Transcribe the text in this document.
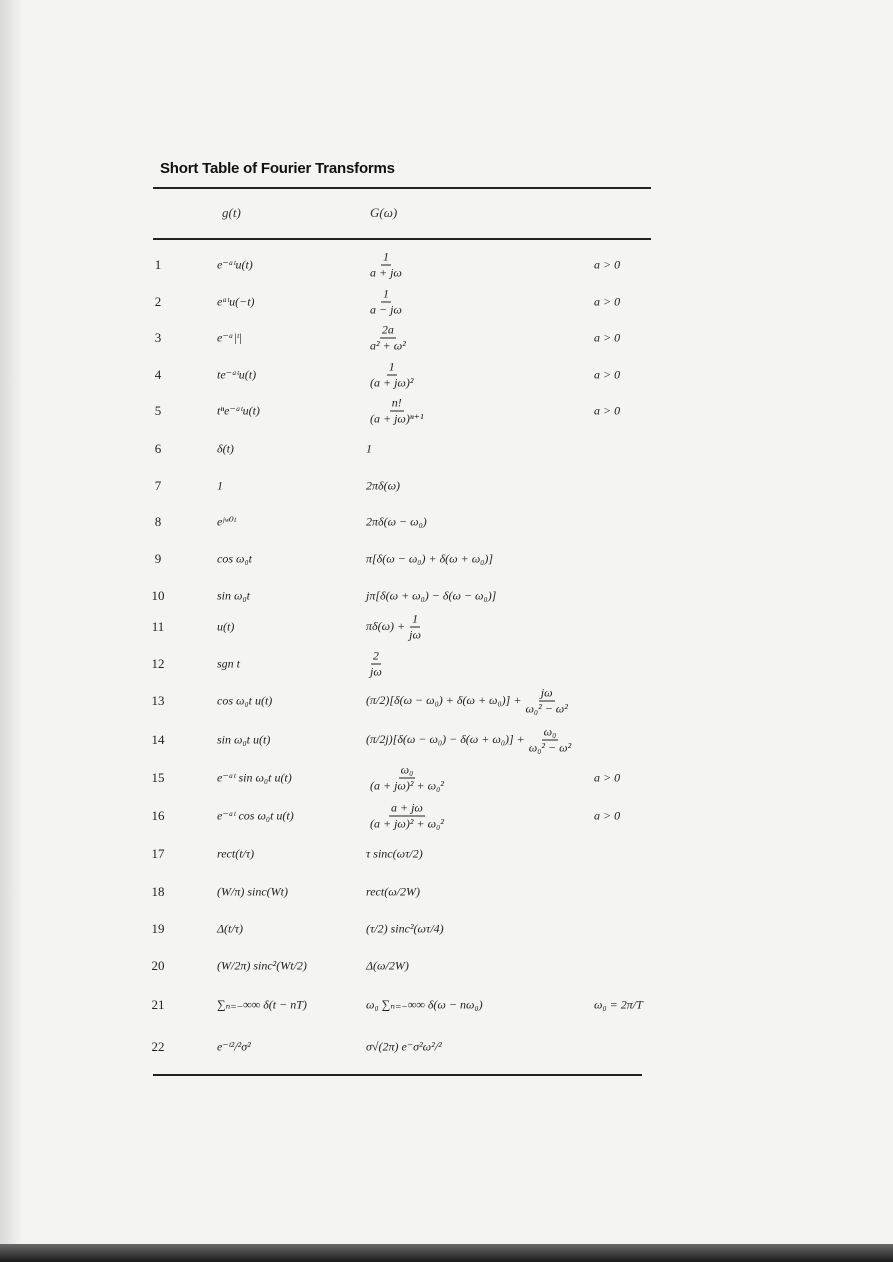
Short Table of Fourier Transforms
g(t)	G(ω)
1	e⁻ᵃᵗu(t)	$\frac{1}{a + j\omega}$	a > 0
2	eᵃᵗu(−t)	$\frac{1}{a - j\omega}$	a > 0
3	e⁻ᵃ|ᵗ|	$\frac{2a}{\text{a² + ω²}}$	a > 0
4	te⁻ᵃᵗu(t)	$\frac{1}{\text{(a + jω)²}}$	a > 0
5	tⁿe⁻ᵃᵗu(t)	$\frac{n!}{\text{(a + jω)ⁿ⁺¹}}$	a > 0
6	δ(t)	1
7	1	2πδ(ω)
8	eʲʷ⁰ᵗ	2πδ(ω − ω₀)
9	cos ω₀t	π[δ(ω − ω₀) + δ(ω + ω₀)]
10	sin ω₀t	jπ[δ(ω + ω₀) − δ(ω − ω₀)]
11	u(t)	$\pi\delta(\omega) + \frac{1}{j\omega}$
12	sgn t	$\frac{2}{j\omega}$
13	cos ω₀t u(t)	$(\pi/2)[\delta(\omega - \omega_0) + \delta(\omega + \omega_0)] + \frac{j\omega}{\text{ω₀² − ω²}}$
14	sin ω₀t u(t)	$(\pi/2j)[\delta(\omega - \omega_0) - \delta(\omega + \omega_0)] + \frac{\text{ω₀}}{\text{ω₀² − ω²}}$
15	e⁻ᵃᵗ sin ω₀t u(t)	$\frac{\text{ω₀}}{\text{(a + jω)² + ω₀²}}$	a > 0
16	e⁻ᵃᵗ cos ω₀t u(t)	$\frac{a + j\omega}{\text{(a + jω)² + ω₀²}}$	a > 0
17	rect(t/τ)	τ sinc(ωτ/2)
18	(W/π) sinc(Wt)	rect(ω/2W)
19	Δ(t/τ)	(τ/2) sinc²(ωτ/4)
20	(W/2π) sinc²(Wt/2)	Δ(ω/2W)
21	∑ₙ₌₋∞∞ δ(t − nT)	ω₀ ∑ₙ₌₋∞∞ δ(ω − nω₀)	ω₀ = 2π/T
22	e⁻ᵗ²/²σ²	σ√(2π) e⁻σ²ω²/²
